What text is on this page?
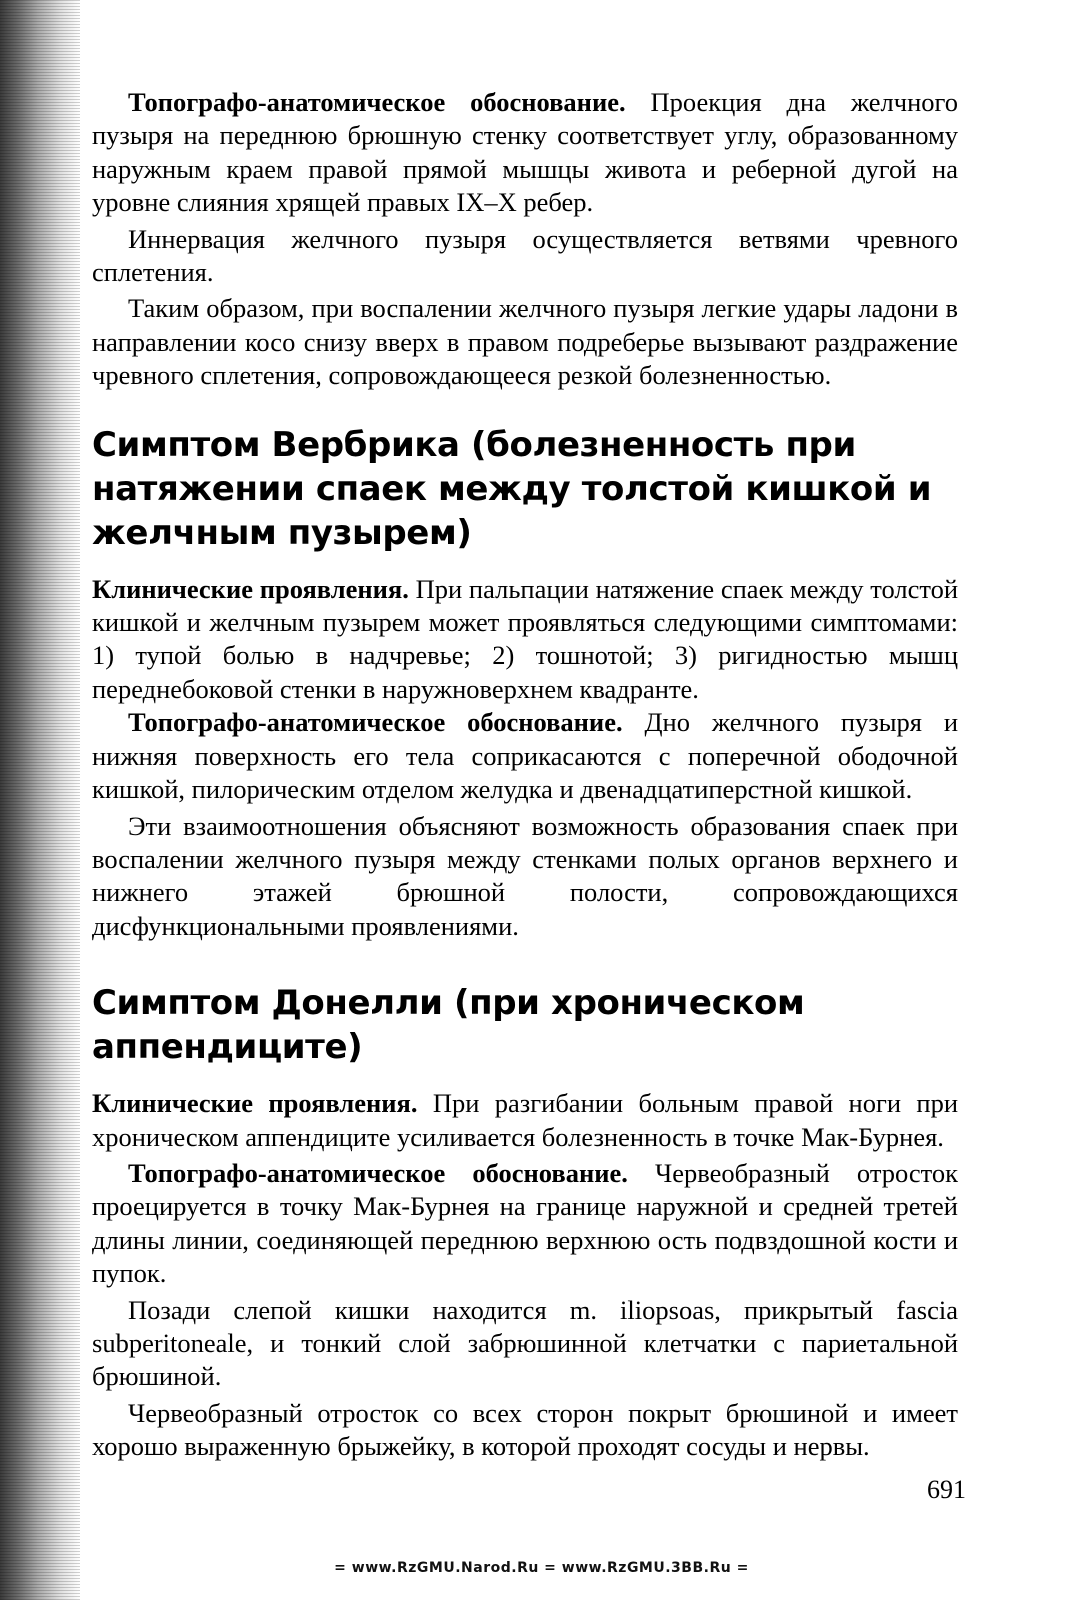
Топографо-анатомическое обоснование. Проекция дна желчного пузыря на переднюю брюшную стенку соответствует углу, образованному наружным краем правой прямой мышцы живота и реберной дугой на уровне слияния хрящей правых IX–X ребер.

Иннервация желчного пузыря осуществляется ветвями чревного сплетения.

Таким образом, при воспалении желчного пузыря легкие удары ладони в направлении косо снизу вверх в правом подреберье вызывают раздражение чревного сплетения, сопровождающееся резкой болезненностью.

Симптом Вербрика (болезненность при натяжении спаек между толстой кишкой и желчным пузырем)

Клинические проявления. При пальпации натяжение спаек между толстой кишкой и желчным пузырем может проявляться следующими симптомами: 1) тупой болью в надчревье; 2) тошнотой; 3) ригидностью мышц переднебоковой стенки в наружноверхнем квадранте.

Топографо-анатомическое обоснование. Дно желчного пузыря и нижняя поверхность его тела соприкасаются с поперечной ободочной кишкой, пилорическим отделом желудка и двенадцатиперстной кишкой.

Эти взаимоотношения объясняют возможность образования спаек при воспалении желчного пузыря между стенками полых органов верхнего и нижнего этажей брюшной полости, сопровождающихся дисфункциональными проявлениями.

Симптом Донелли (при хроническом аппендиците)

Клинические проявления. При разгибании больным правой ноги при хроническом аппендиците усиливается болезненность в точке Мак-Бурнея.

Топографо-анатомическое обоснование. Червеобразный отросток проецируется в точку Мак-Бурнея на границе наружной и средней третей длины линии, соединяющей переднюю верхнюю ость подвздошной кости и пупок.

Позади слепой кишки находится m. iliopsoas, прикрытый fascia subperitoneale, и тонкий слой забрюшинной клетчатки с париетальной брюшиной.

Червеобразный отросток со всех сторон покрыт брюшиной и имеет хорошо выраженную брыжейку, в которой проходят сосуды и нервы.

691
= www.RzGMU.Narod.Ru = www.RzGMU.3BB.Ru =
